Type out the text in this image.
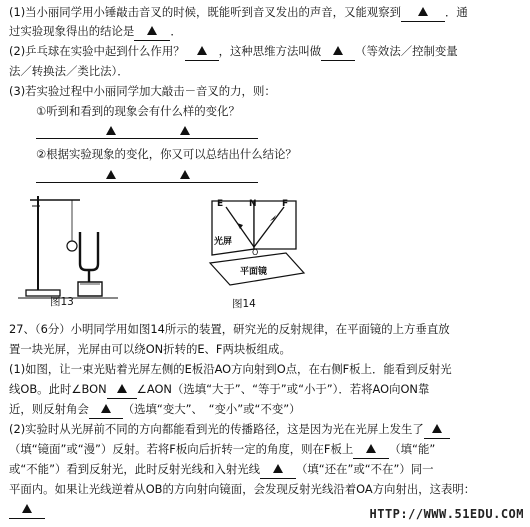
(1)当小丽同学用小锤敲击音叉的时候，既能听到音叉发出的声音，又能观察到	．通
过实验现象得出的结论是	．
(2)乒乓球在实验中起到什么作用？	，这种思维方法叫做	（等效法／控制变量
法／转换法／类比法）．
(3)若实验过程中小丽同学加大敲击－音叉的力，则：
①听到和看到的现象会有什么样的变化？
②根据实验现象的变化，你又可以总结出什么结论？
图13
E	N	F
光屏
O
平面镜
图14
27、（6分）小明同学用如图14所示的装置，研究光的反射规律，在平面镜的上方垂直放
置一块光屏，光屏由可以绕ON折转的E、F两块板组成。
(1)如图，让一束光贴着光屏左侧的E板沿AO方向射到O点，在右侧F板上．能看到反射光
线OB。此时∠BON	∠AON（选填“大于”、“等于”或“小于”）．若将AO向ON靠
近，则反射角会	（选填“变大”、　“变小”或“不变”）
(2)实验时从光屏前不同的方向都能看到光的传播路径，这是因为光在光屏上发生了
（填“镜面”或“漫”）反射。若将F板向后折转一定的角度，则在F板上	（填“能”
或“不能”）看到反射光，此时反射光线和入射光线	（填“还在”或“不在”）同一
平面内。如果让光线逆着从OB的方向射向镜面，会发现反射光线沿着OA方向射出，这表明：
HTTP://WWW.51EDU.COM
